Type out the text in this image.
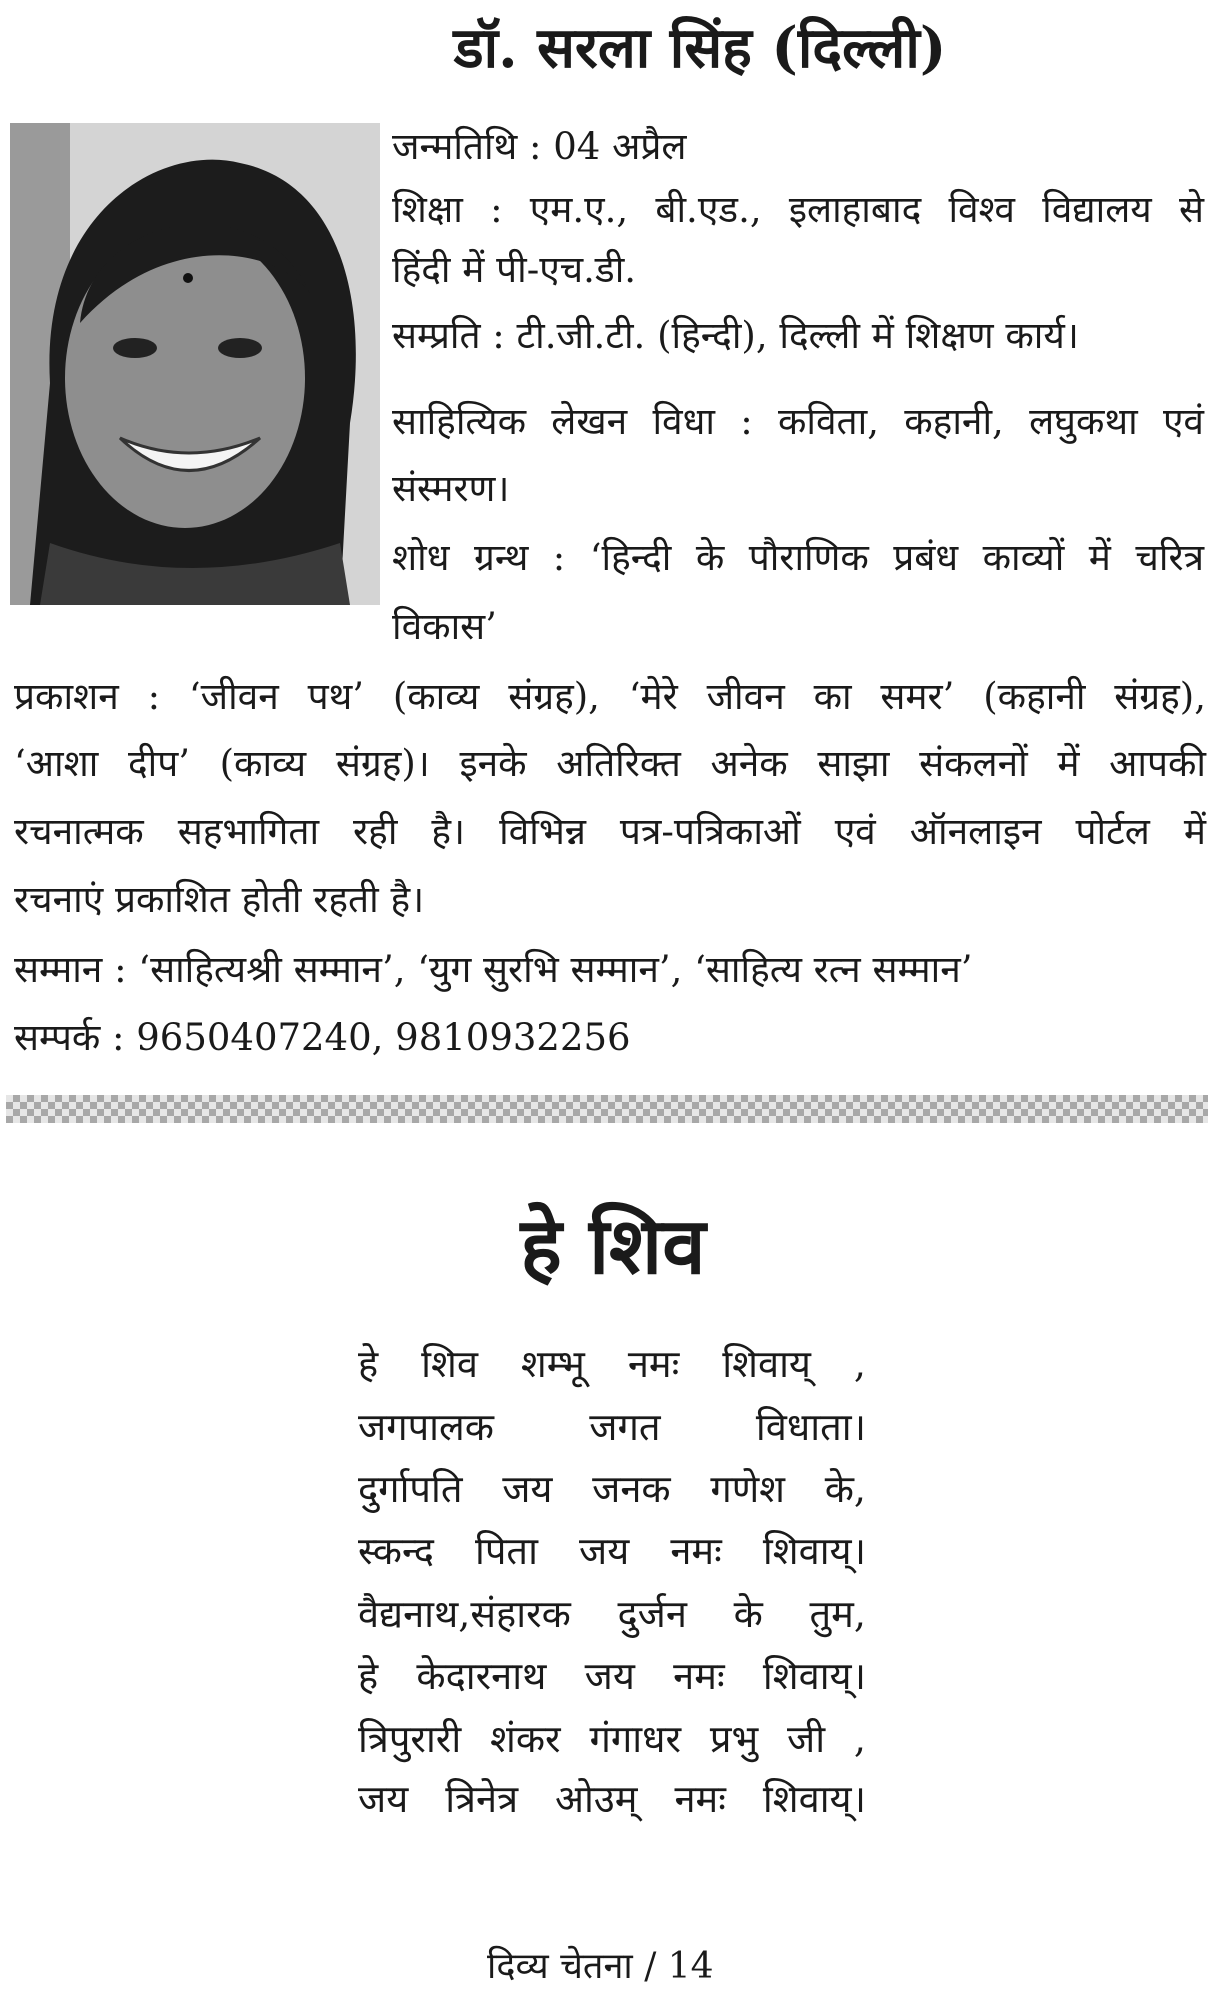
डॉ. सरला सिंह (दिल्ली)
जन्मतिथि : 04 अप्रैल
शिक्षा : एम.ए., बी.एड., इलाहाबाद विश्व विद्यालय से
हिंदी में पी-एच.डी.
सम्प्रति : टी.जी.टी. (हिन्दी), दिल्ली में शिक्षण कार्य।
साहित्यिक लेखन विधा : कविता, कहानी, लघुकथा एवं
संस्मरण।
शोध ग्रन्थ : ‘हिन्दी के पौराणिक प्रबंध काव्यों में चरित्र
विकास’
प्रकाशन : ‘जीवन पथ’ (काव्य संग्रह), ‘मेरे जीवन का समर’ (कहानी संग्रह),
‘आशा दीप’ (काव्य संग्रह)। इनके अतिरिक्त अनेक साझा संकलनों में आपकी
रचनात्मक सहभागिता रही है। विभिन्न पत्र-पत्रिकाओं एवं ऑनलाइन पोर्टल में
रचनाएं प्रकाशित होती रहती है।
सम्मान : ‘साहित्यश्री सम्मान’, ‘युग सुरभि सम्मान’, ‘साहित्य रत्न सम्मान’
सम्पर्क : 9650407240, 9810932256
हे शिव
हे शिव शम्भू नमः शिवाय् ,
जगपालक जगत विधाता।
दुर्गापति जय जनक गणेश के,
स्कन्द पिता जय नमः शिवाय्।
वैद्यनाथ,संहारक दुर्जन के तुम,
हे केदारनाथ जय नमः शिवाय्।
त्रिपुरारी शंकर गंगाधर प्रभु जी ,
जय त्रिनेत्र ओउम् नमः शिवाय्।
दिव्य चेतना / 14
